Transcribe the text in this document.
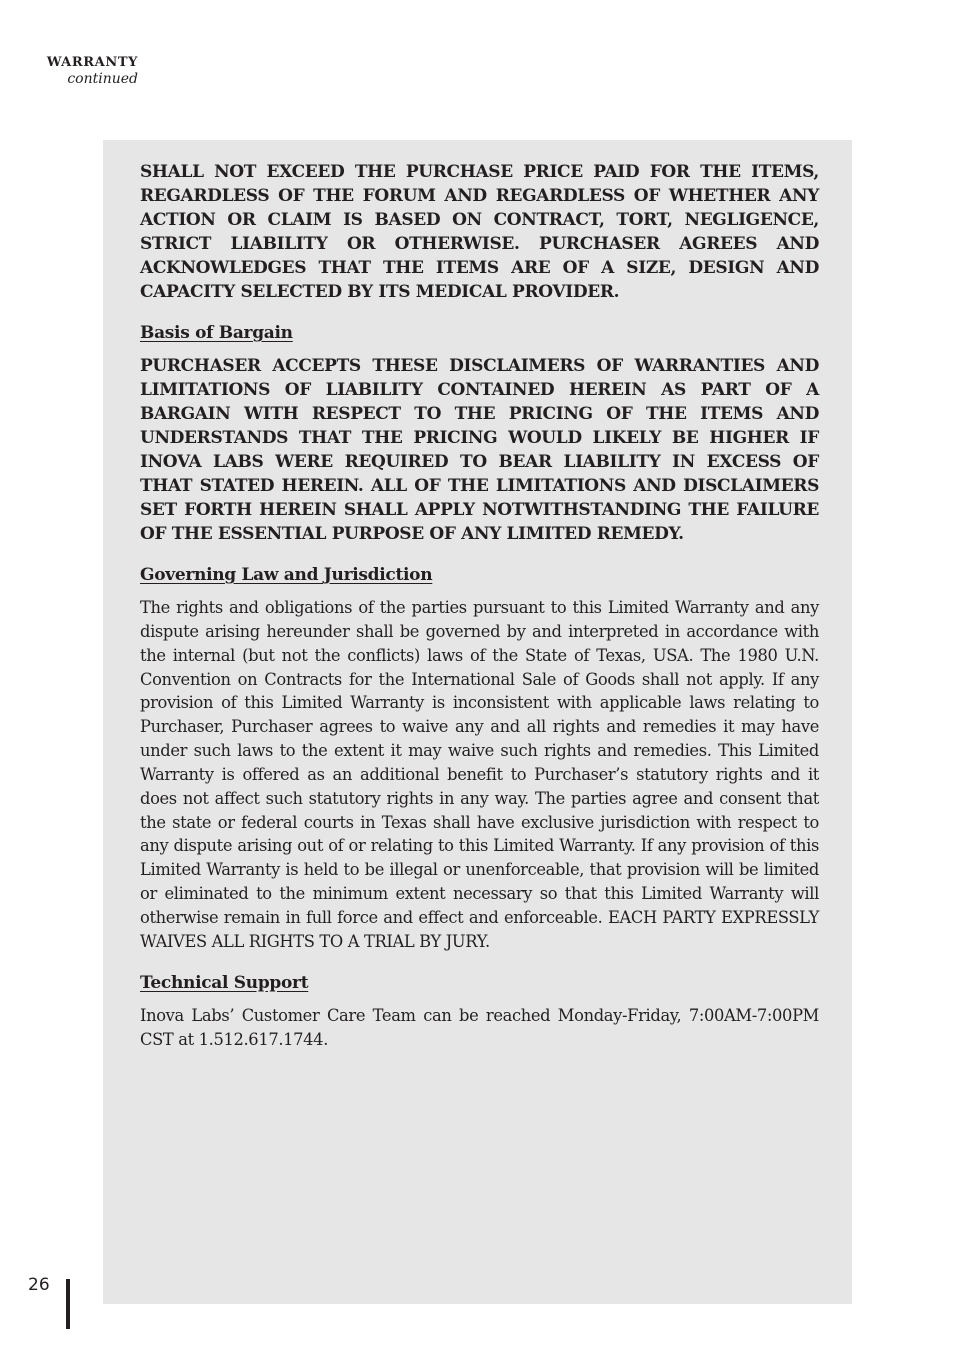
WARRANTY
continued

SHALL NOT EXCEED THE PURCHASE PRICE PAID FOR THE ITEMS, REGARDLESS OF THE FORUM AND REGARDLESS OF WHETHER ANY ACTION OR CLAIM IS BASED ON CONTRACT, TORT, NEGLIGENCE, STRICT LIABILITY OR OTHERWISE. PURCHASER AGREES AND ACKNOWLEDGES THAT THE ITEMS ARE OF A SIZE, DESIGN AND CAPACITY SELECTED BY ITS MEDICAL PROVIDER.

Basis of Bargain

PURCHASER ACCEPTS THESE DISCLAIMERS OF WARRANTIES AND LIMITATIONS OF LIABILITY CONTAINED HEREIN AS PART OF A BARGAIN WITH RESPECT TO THE PRICING OF THE ITEMS AND UNDERSTANDS THAT THE PRICING WOULD LIKELY BE HIGHER IF INOVA LABS WERE REQUIRED TO BEAR LIABILITY IN EXCESS OF THAT STATED HEREIN. ALL OF THE LIMITATIONS AND DISCLAIMERS SET FORTH HEREIN SHALL APPLY NOTWITHSTANDING THE FAILURE OF THE ESSENTIAL PURPOSE OF ANY LIMITED REMEDY.

Governing Law and Jurisdiction

The rights and obligations of the parties pursuant to this Limited Warranty and any dispute arising hereunder shall be governed by and interpreted in accordance with the internal (but not the conflicts) laws of the State of Texas, USA. The 1980 U.N. Convention on Contracts for the International Sale of Goods shall not apply. If any provision of this Limited Warranty is inconsistent with applicable laws relating to Purchaser, Purchaser agrees to waive any and all rights and remedies it may have under such laws to the extent it may waive such rights and remedies. This Limited Warranty is offered as an additional benefit to Purchaser’s statutory rights and it does not affect such statutory rights in any way. The parties agree and consent that the state or federal courts in Texas shall have exclusive jurisdiction with respect to any dispute arising out of or relating to this Limited Warranty. If any provision of this Limited Warranty is held to be illegal or unenforceable, that provision will be limited or eliminated to the minimum extent necessary so that this Limited Warranty will otherwise remain in full force and effect and enforceable. EACH PARTY EXPRESSLY WAIVES ALL RIGHTS TO A TRIAL BY JURY.

Technical Support

Inova Labs’ Customer Care Team can be reached Monday-Friday, 7:00AM-7:00PM CST at 1.512.617.1744.

26
